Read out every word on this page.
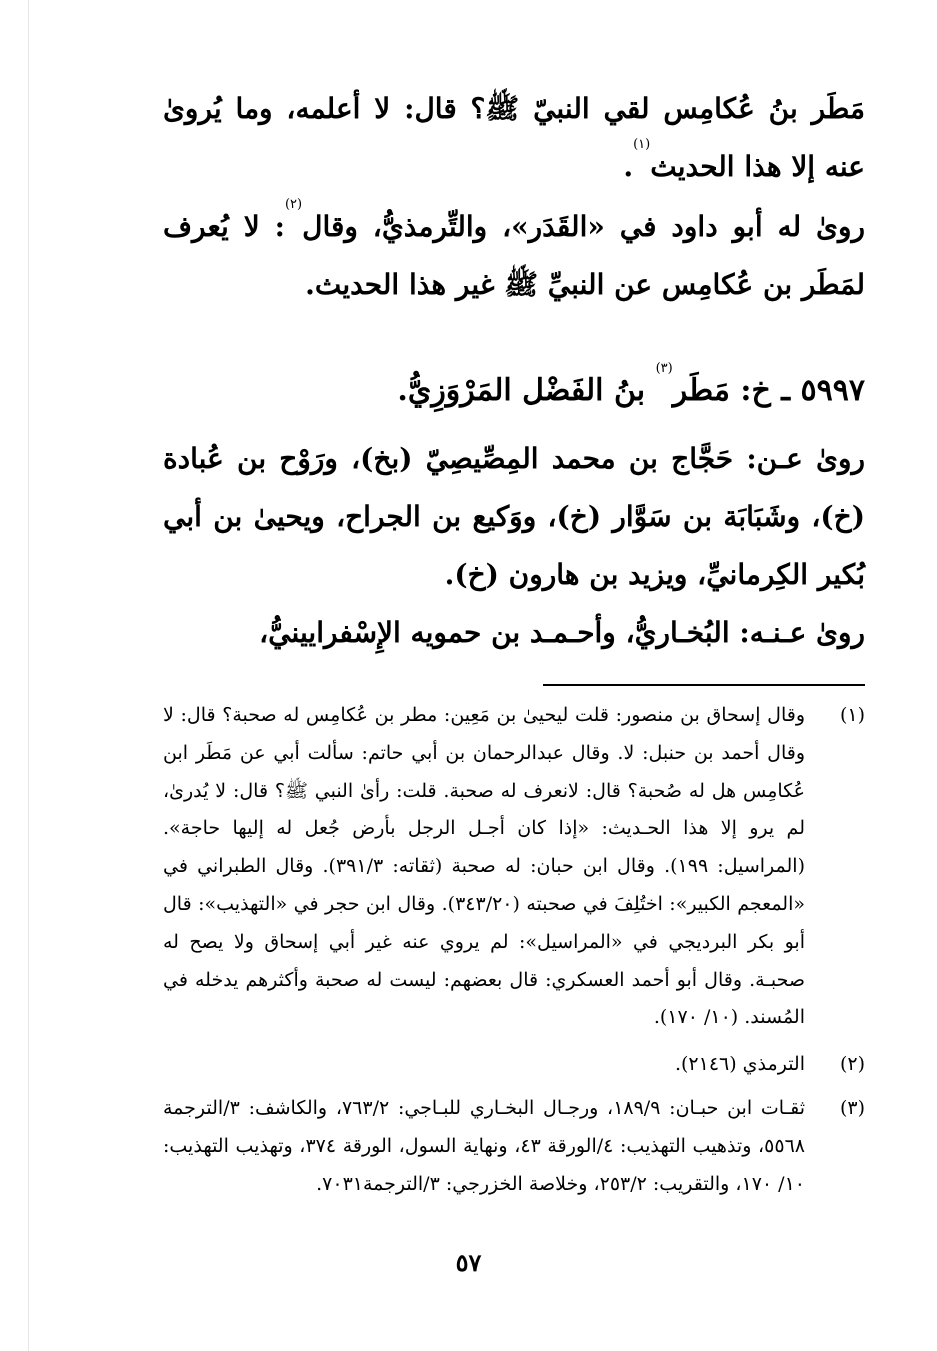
مَطَر بنُ عُكامِس لقي النبيّ ﷺ؟ قال: لا أعلمه، وما يُروىٰ عنه إلا هذا الحديث$^{(١)}$.
روىٰ له أبو داود في «القَدَر»، والتِّرمذيُّ، وقال$^{(٢)}$: لا يُعرف لمَطَر بن عُكامِس عن النبيِّ ﷺ غير هذا الحديث.
٥٩٩٧ ـ خ: مَطَر$^{(٣)}$ بنُ الفَضْل المَرْوَزِيُّ.
روىٰ عـن: حَجَّاج بن محمد المِصِّيصِيّ (بخ)، ورَوْح بن عُبادة (خ)، وشَبَابَة بن سَوَّار (خ)، ووَكيع بن الجراح، ويحيىٰ بن أبي بُكير الكِرمانيِّ، ويزيد بن هارون (خ).
روىٰ عـنـه: البُخـاريُّ، وأحـمـد بن حمويه الإِسْفرايينيُّ،
(١)
وقال إسحاق بن منصور: قلت ليحيىٰ بن مَعِين: مطر بن عُكامِس له صحبة؟ قال: لا وقال أحمد بن حنبل: لا. وقال عبدالرحمان بن أبي حاتم: سألت أبي عن مَطَر ابن عُكامِس هل له صُحبة؟ قال: لانعرف له صحبة. قلت: رأىٰ النبي ﷺ؟ قال: لا يُدرىٰ، لم يرو إلا هذا الحـديث: «إذا كان أجـل الرجل بأرض جُعل له إليها حاجة». (المراسيل: ١٩٩). وقال ابن حبان: له صحبة (ثقاته: ٣٩١/٣). وقال الطبراني في «المعجم الكبير»: اختُلِفَ في صحبته (٣٤٣/٢٠). وقال ابن حجر في «التهذيب»: قال أبو بكر البرديجي في «المراسيل»: لم يروي عنه غير أبي إسحاق ولا يصح له صحبـة. وقال أبو أحمد العسكري: قال بعضهم: ليست له صحبة وأكثرهم يدخله في المُسند. (١٠/ ١٧٠).
(٢)
الترمذي (٢١٤٦).
(٣)
ثقـات ابن حبـان: ١٨٩/٩، ورجـال البخـاري للبـاجي: ٧٦٣/٢، والكاشف: ٣/الترجمة ٥٥٦٨، وتذهيب التهذيب: ٤/الورقة ٤٣، ونهاية السول، الورقة ٣٧٤، وتهذيب التهذيب: ١٠/ ١٧٠، والتقريب: ٢٥٣/٢، وخلاصة الخزرجي: ٣/الترجمة٧٠٣١.
٥٧
